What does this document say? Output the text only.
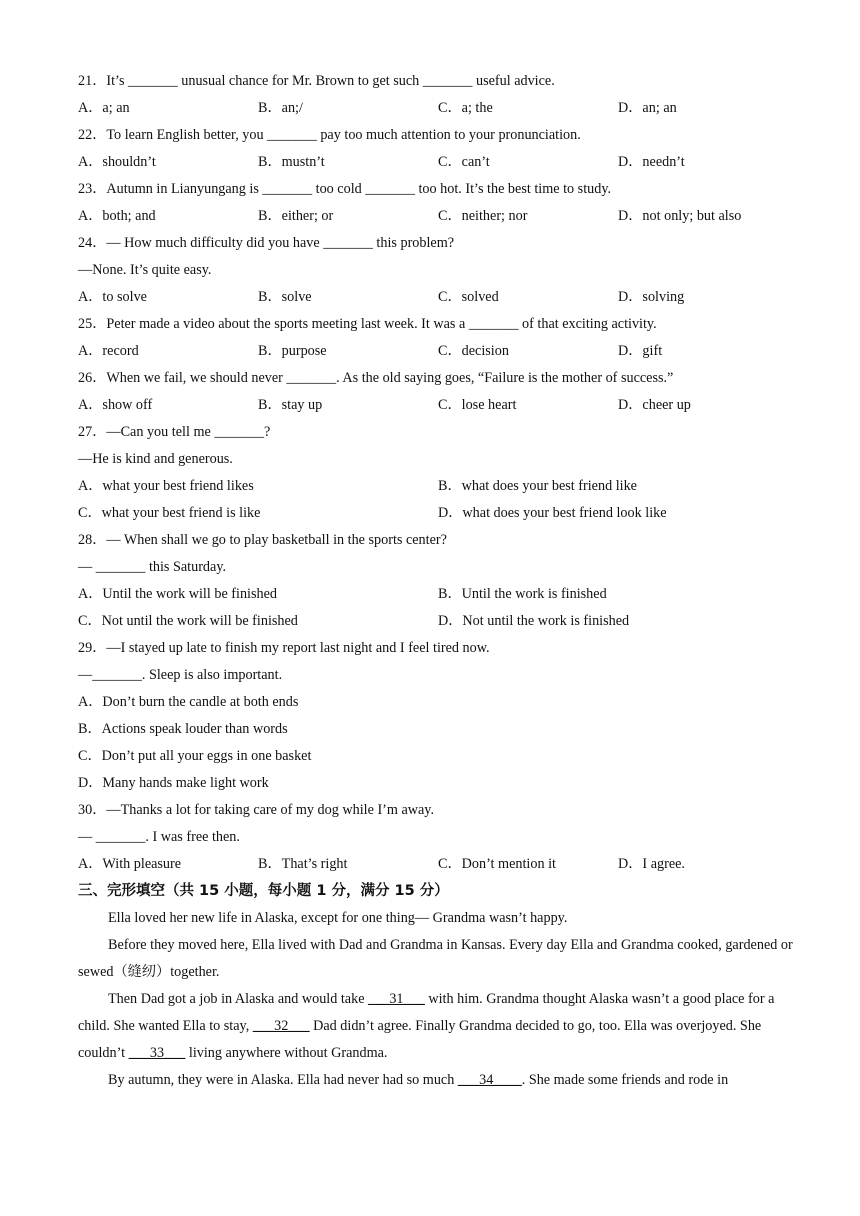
21．It’s _______ unusual chance for Mr. Brown to get such _______ useful advice.
A．a; an	B．an;/	C．a; the	D．an; an
22．To learn English better, you _______ pay too much attention to your pronunciation.
A．shouldn’t	B．mustn’t	C．can’t	D．needn’t
23．Autumn in Lianyungang is _______ too cold _______ too hot. It’s the best time to study.
A．both; and	B．either; or	C．neither; nor	D．not only; but also
24．— How much difficulty did you have _______ this problem?
—None. It’s quite easy.
A．to solve	B．solve	C．solved	D．solving
25．Peter made a video about the sports meeting last week. It was a _______ of that exciting activity.
A．record	B．purpose	C．decision	D．gift
26．When we fail, we should never _______. As the old saying goes, “Failure is the mother of success.”
A．show off	B．stay up	C．lose heart	D．cheer up
27．—Can you tell me _______?
—He is kind and generous.
A．what your best friend likes	B．what does your best friend like
C．what your best friend is like	D．what does your best friend look like
28．— When shall we go to play basketball in the sports center?
— _______ this Saturday.
A．Until the work will be finished	B．Until the work is finished
C．Not until the work will be finished	D．Not until the work is finished
29．—I stayed up late to finish my report last night and I feel tired now.
—_______. Sleep is also important.
A．Don’t burn the candle at both ends
B．Actions speak louder than words
C．Don’t put all your eggs in one basket
D．Many hands make light work
30．—Thanks a lot for taking care of my dog while I’m away.
— _______. I was free then.
A．With pleasure	B．That’s right	C．Don’t mention it	D．I agree.
三、完形填空（共 15 小题，每小题 1 分，满分 15 分）
Ella loved her new life in Alaska, except for one thing— Grandma wasn’t happy.
Before they moved here, Ella lived with Dad and Grandma in Kansas. Every day Ella and Grandma cooked, gardened or sewed（缝纫）together.
Then Dad got a job in Alaska and would take ___31___ with him. Grandma thought Alaska wasn’t a good place for a child. She wanted Ella to stay, ___32___ Dad didn’t agree. Finally Grandma decided to go, too. Ella was overjoyed. She couldn’t ___33___ living anywhere without Grandma.
By autumn, they were in Alaska. Ella had never had so much ___34____. She made some friends and rode in
